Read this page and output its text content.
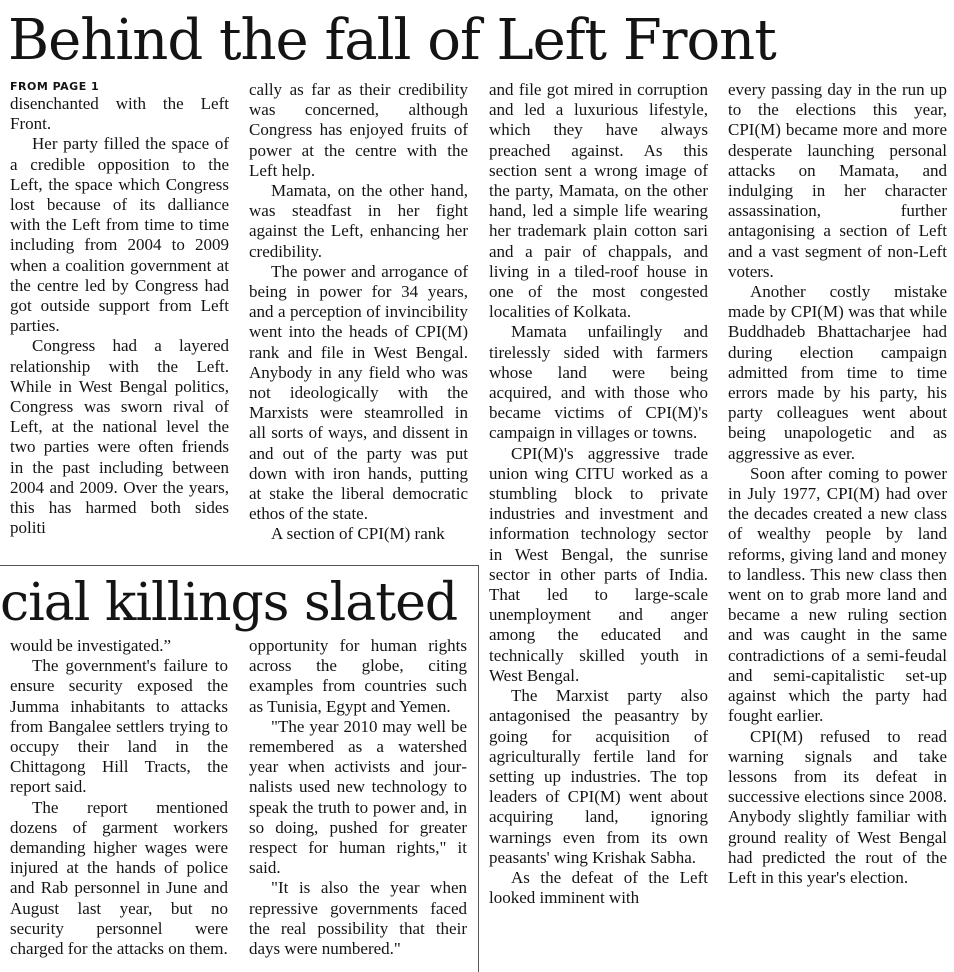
Behind the fall of Left Front
FROM PAGE 1

disenchanted with the Left Front.

Her party filled the space of a credible opposition to the Left, the space which Congress lost because of its dalliance with the Left from time to time including from 2004 to 2009 when a coalition government at the centre led by Congress had got outside support from Left parties.

Congress had a layered relationship with the Left. While in West Bengal politics, Congress was sworn rival of Left, at the national level the two parties were often friends in the past including between 2004 and 2009. Over the years, this has harmed both sides politi

cally as far as their credibility was concerned, although Congress has enjoyed fruits of power at the centre with the Left help.

Mamata, on the other hand, was steadfast in her fight against the Left, enhancing her credibility.

The power and arrogance of being in power for 34 years, and a perception of invincibility went into the heads of CPI(M) rank and file in West Bengal. Anybody in any field who was not ideologically with the Marxists were steamrolled in all sorts of ways, and dissent in and out of the party was put down with iron hands, putting at stake the liberal democratic ethos of the state.

A section of CPI(M) rank

and file got mired in corruption and led a luxurious lifestyle, which they have always preached against. As this section sent a wrong image of the party, Mamata, on the other hand, led a simple life wearing her trademark plain cotton sari and a pair of chappals, and living in a tiled-roof house in one of the most congested localities of Kolkata.

Mamata unfailingly and tirelessly sided with farmers whose land were being acquired, and with those who became victims of CPI(M)'s campaign in villages or towns.

CPI(M)'s aggressive trade union wing CITU worked as a stumbling block to private industries and investment and information technology sector in West Bengal, the sunrise sector in other parts of India. That led to large-scale unemployment and anger among the educated and technically skilled youth in West Bengal.

The Marxist party also antagonised the peasantry by going for acquisition of agriculturally fertile land for setting up industries. The top leaders of CPI(M) went about acquiring land, ignoring warnings even from its own peasants' wing Krishak Sabha.

As the defeat of the Left looked imminent with

every passing day in the run up to the elections this year, CPI(M) became more and more desperate launching personal attacks on Mamata, and indulging in her character assassination, further antagonising a section of Left and a vast segment of non-Left voters.

Another costly mistake made by CPI(M) was that while Buddhadeb Bhattacharjee had during election campaign admitted from time to time errors made by his party, his party colleagues went about being unapologetic and as aggressive as ever.

Soon after coming to power in July 1977, CPI(M) had over the decades created a new class of wealthy people by land reforms, giving land and money to landless. This new class then went on to grab more land and became a new ruling section and was caught in the same contradictions of a semi-feudal and semi-capitalistic set-up against which the party had fought earlier.

CPI(M) refused to read warning signals and take lessons from its defeat in successive elections since 2008. Anybody slightly familiar with ground reality of West Bengal had predicted the rout of the Left in this year's election.

cial killings slated

would be investigated.”

The government's failure to ensure security exposed the Jumma inhabitants to attacks from Bangalee settlers trying to occupy their land in the Chittagong Hill Tracts, the report said.

The report mentioned dozens of garment workers demanding higher wages were injured at the hands of police and Rab personnel in June and August last year, but no security personnel were charged for the attacks on them.

opportunity for human rights across the globe, citing examples from countries such as Tunisia, Egypt and Yemen.

"The year 2010 may well be remembered as a watershed year when activists and journalists used new technology to speak the truth to power and, in so doing, pushed for greater respect for human rights," it said.

"It is also the year when repressive governments faced the real possibility that their days were numbered."
